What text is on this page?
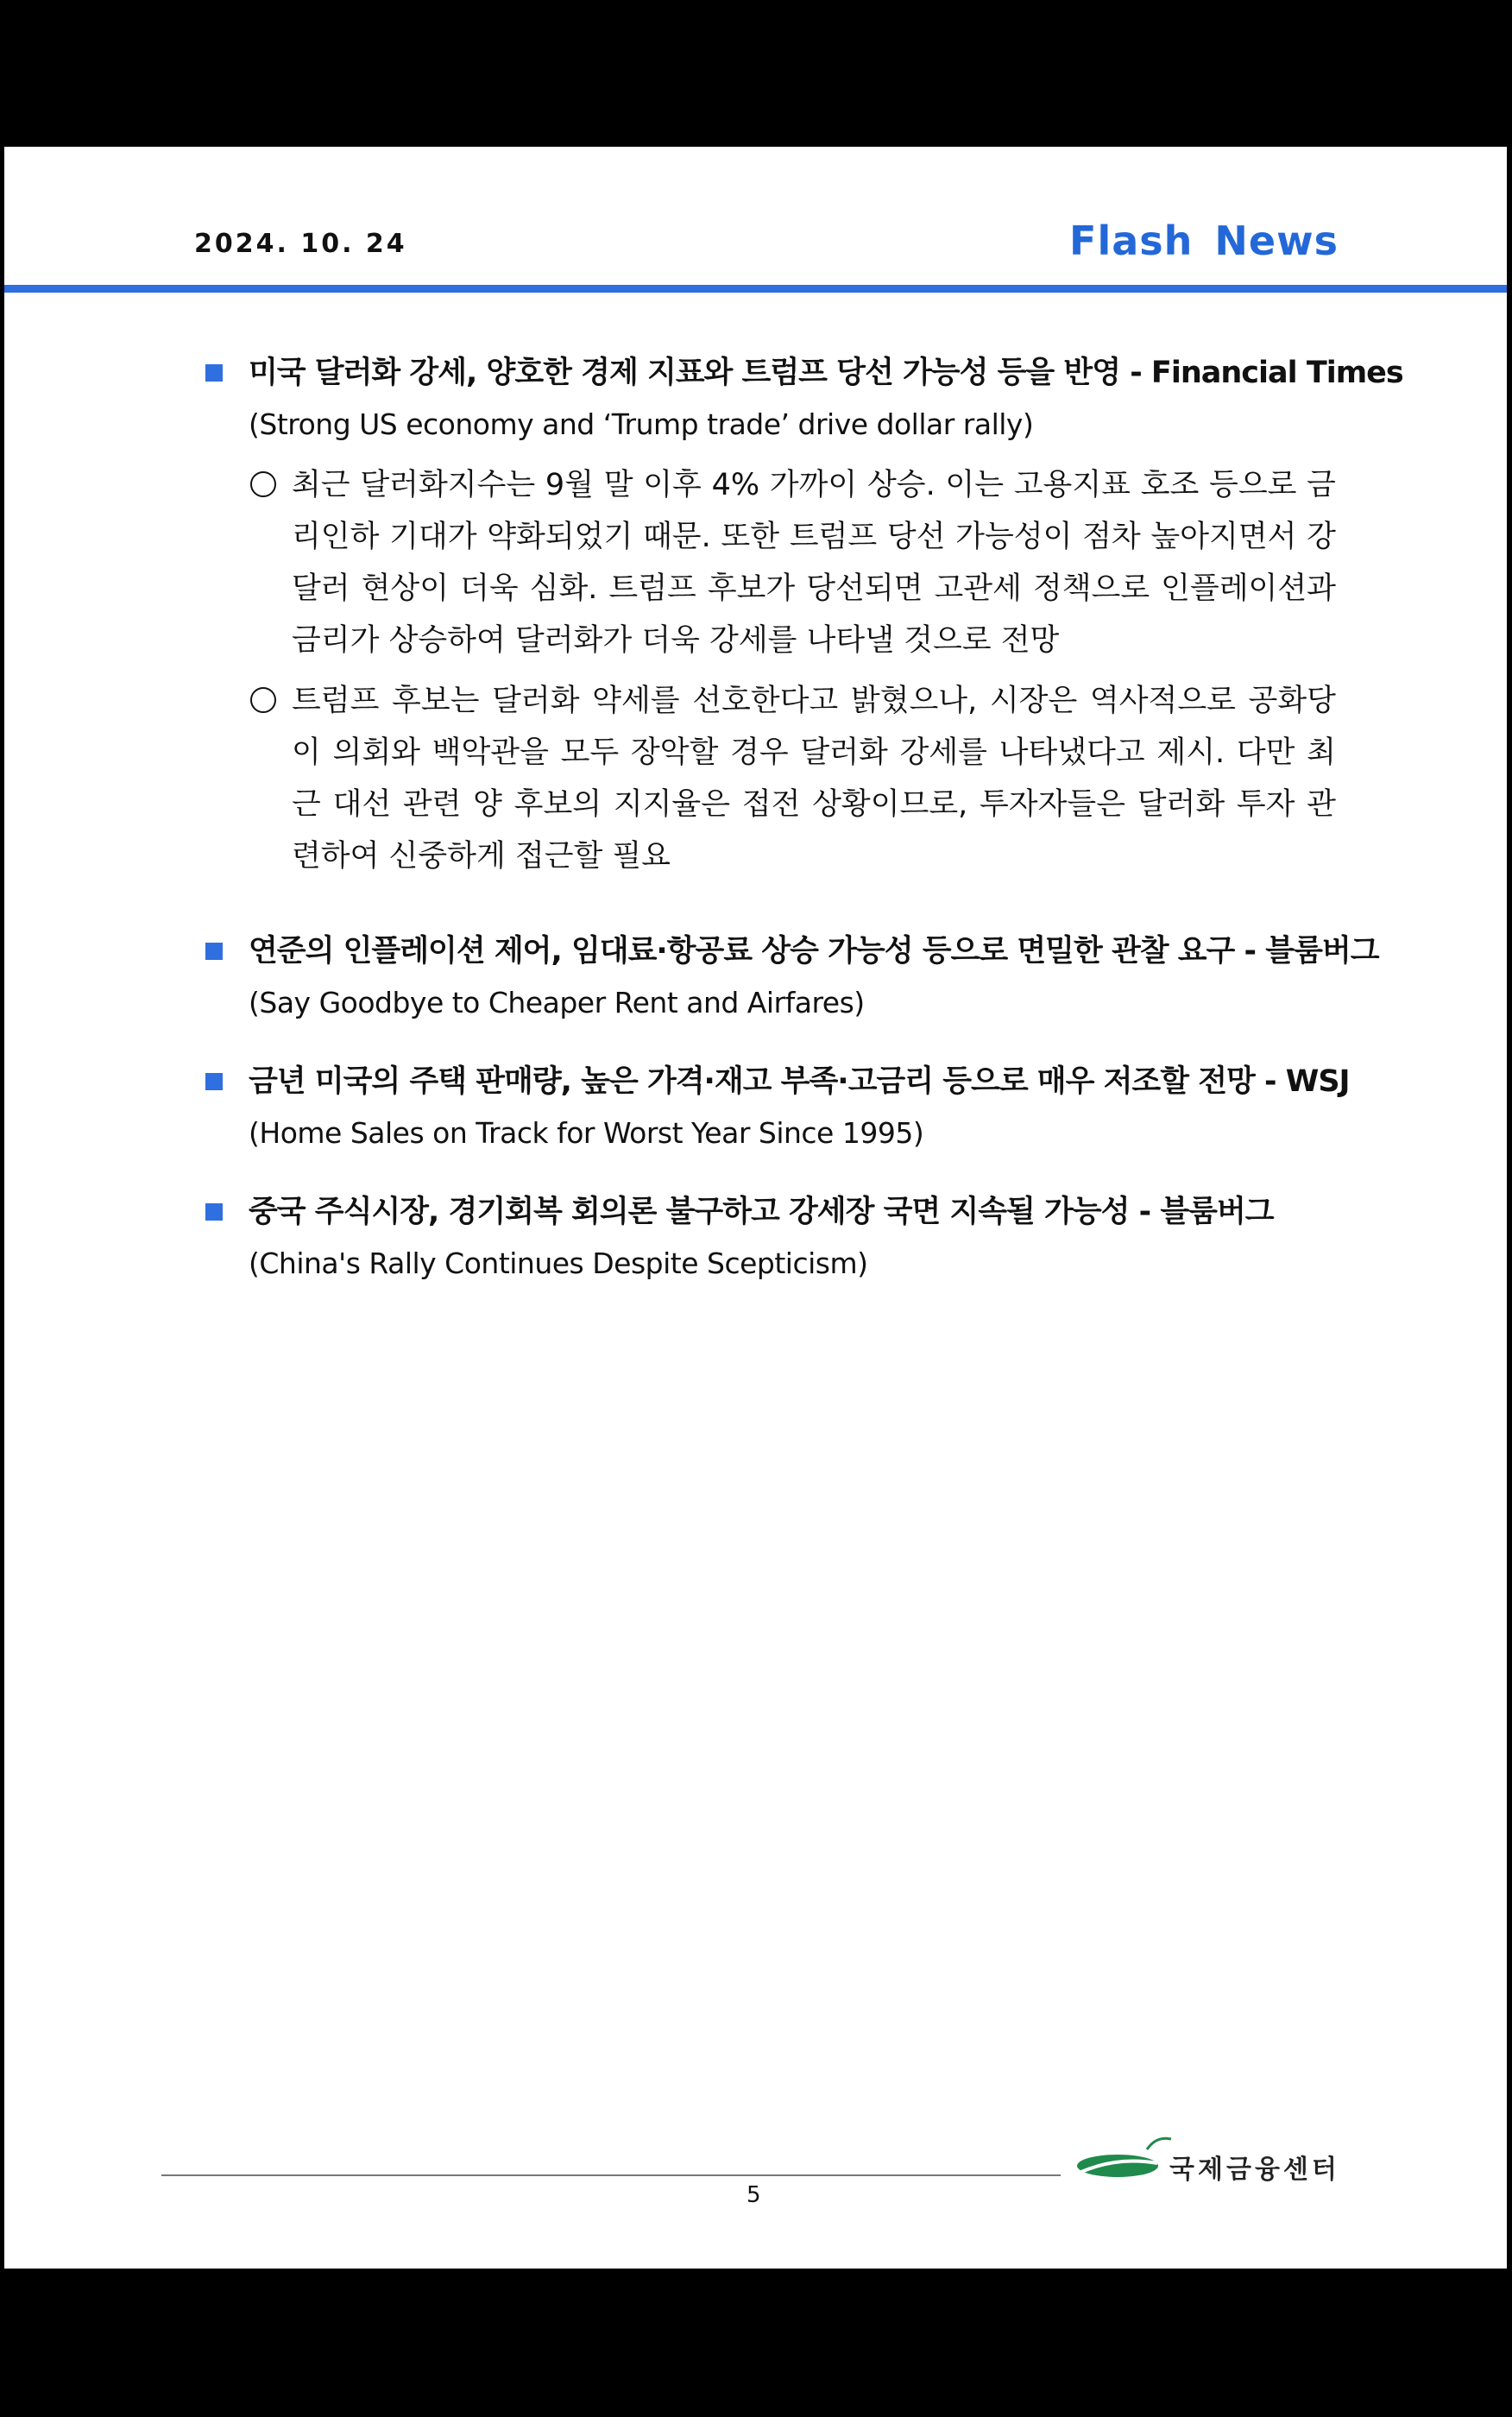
2024. 10. 24	Flash News
미국 달러화 강세, 양호한 경제 지표와 트럼프 당선 가능성 등을 반영 - Financial Times
(Strong US economy and ‘Trump trade’ drive dollar rally)
최근 달러화지수는 9월 말 이후 4% 가까이 상승. 이는 고용지표 호조 등으로 금리인하 기대가 약화되었기 때문. 또한 트럼프 당선 가능성이 점차 높아지면서 강달러 현상이 더욱 심화. 트럼프 후보가 당선되면 고관세 정책으로 인플레이션과 금리가 상승하여 달러화가 더욱 강세를 나타낼 것으로 전망
트럼프 후보는 달러화 약세를 선호한다고 밝혔으나, 시장은 역사적으로 공화당이 의회와 백악관을 모두 장악할 경우 달러화 강세를 나타냈다고 제시. 다만 최근 대선 관련 양 후보의 지지율은 접전 상황이므로, 투자자들은 달러화 투자 관련하여 신중하게 접근할 필요
연준의 인플레이션 제어, 임대료·항공료 상승 가능성 등으로 면밀한 관찰 요구 - 블룸버그
(Say Goodbye to Cheaper Rent and Airfares)
금년 미국의 주택 판매량, 높은 가격·재고 부족·고금리 등으로 매우 저조할 전망 - WSJ
(Home Sales on Track for Worst Year Since 1995)
중국 주식시장, 경기회복 회의론 불구하고 강세장 국면 지속될 가능성 - 블룸버그
(China's Rally Continues Despite Scepticism)
5
국제금융센터
